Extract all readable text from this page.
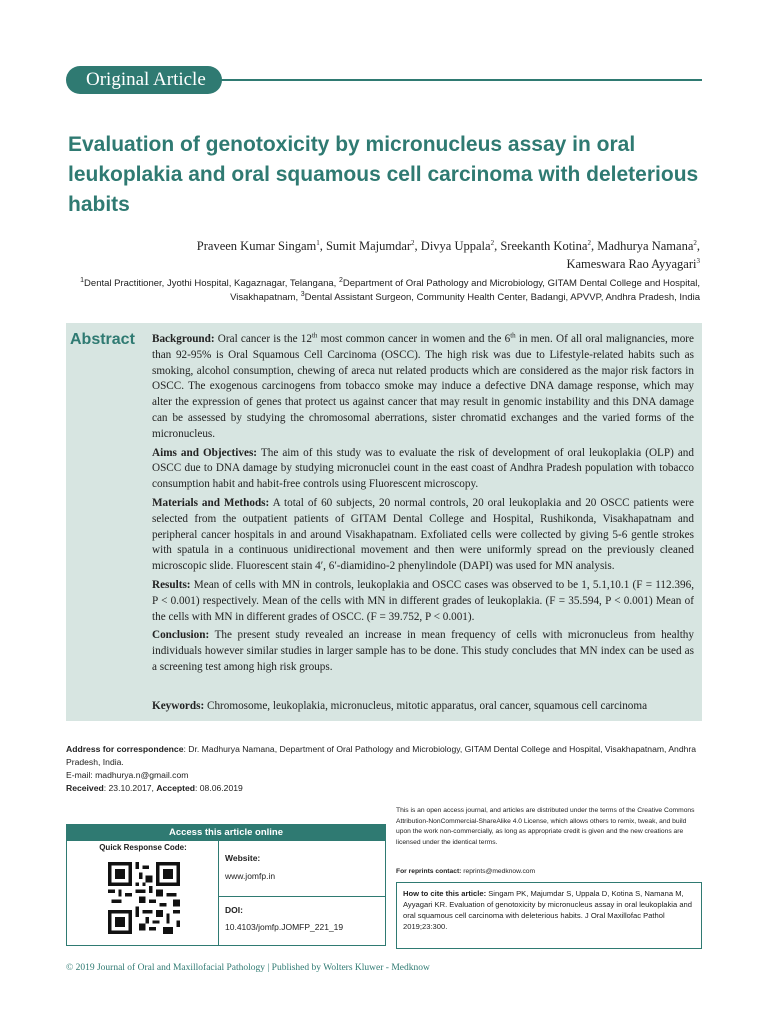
Original Article
Evaluation of genotoxicity by micronucleus assay in oral leukoplakia and oral squamous cell carcinoma with deleterious habits
Praveen Kumar Singam$^1$, Sumit Majumdar$^2$, Divya Uppala$^2$, Sreekanth Kotina$^2$, Madhurya Namana$^2$,
Kameswara Rao Ayyagari$^3$
$^1$Dental Practitioner, Jyothi Hospital, Kagaznagar, Telangana, $^2$Department of Oral Pathology and Microbiology, GITAM Dental College and Hospital, Visakhapatnam, $^3$Dental Assistant Surgeon, Community Health Center, Badangi, APVVP, Andhra Pradesh, India
Abstract Background: Oral cancer is the 12th most common cancer in women and the 6th in men. Of all oral malignancies, more than 92-95% is Oral Squamous Cell Carcinoma (OSCC). The high risk was due to Lifestyle-related habits such as smoking, alcohol consumption, chewing of areca nut related products which are considered as the major risk factors in OSCC. The exogenous carcinogens from tobacco smoke may induce a defective DNA damage response, which may alter the expression of genes that protect us against cancer that may result in genomic instability and this DNA damage can be assessed by studying the chromosomal aberrations, sister chromatid exchanges and the varied forms of the micronucleus.

Aims and Objectives: The aim of this study was to evaluate the risk of development of oral leukoplakia (OLP) and OSCC due to DNA damage by studying micronuclei count in the east coast of Andhra Pradesh population with tobacco consumption habit and habit-free controls using Fluorescent microscopy.

Materials and Methods: A total of 60 subjects, 20 normal controls, 20 oral leukoplakia and 20 OSCC patients were selected from the outpatient patients of GITAM Dental College and Hospital, Rushikonda, Visakhapatnam and peripheral cancer hospitals in and around Visakhapatnam. Exfoliated cells were collected by giving 5-6 gentle strokes with spatula in a continuous unidirectional movement and then were uniformly spread on the previously cleaned microscopic slide. Fluorescent stain 4′, 6′-diamidino-2 phenylindole (DAPI) was used for MN analysis.

Results: Mean of cells with MN in controls, leukoplakia and OSCC cases was observed to be 1, 5.1,10.1 (F = 112.396, P < 0.001) respectively. Mean of the cells with MN in different grades of leukoplakia. (F = 35.594, P < 0.001) Mean of the cells with MN in different grades of OSCC. (F = 39.752, P < 0.001).

Conclusion: The present study revealed an increase in mean frequency of cells with micronucleus from healthy individuals however similar studies in larger sample has to be done. This study concludes that MN index can be used as a screening test among high risk groups.

Keywords: Chromosome, leukoplakia, micronucleus, mitotic apparatus, oral cancer, squamous cell carcinoma
Address for correspondence: Dr. Madhurya Namana, Department of Oral Pathology and Microbiology, GITAM Dental College and Hospital, Visakhapatnam, Andhra Pradesh, India.
E-mail: madhurya.n@gmail.com
Received: 23.10.2017, Accepted: 08.06.2019
Access this article online
Quick Response Code:
Website:
www.jomfp.in
DOI:
10.4103/jomfp.JOMFP_221_19
This is an open access journal, and articles are distributed under the terms of the Creative Commons Attribution-NonCommercial-ShareAlike 4.0 License, which allows others to remix, tweak, and build upon the work non-commercially, as long as appropriate credit is given and the new creations are licensed under the identical terms.
For reprints contact: reprints@medknow.com
How to cite this article: Singam PK, Majumdar S, Uppala D, Kotina S, Namana M, Ayyagari KR. Evaluation of genotoxicity by micronucleus assay in oral leukoplakia and oral squamous cell carcinoma with deleterious habits. J Oral Maxillofac Pathol 2019;23:300.
© 2019 Journal of Oral and Maxillofacial Pathology | Published by Wolters Kluwer - Medknow
